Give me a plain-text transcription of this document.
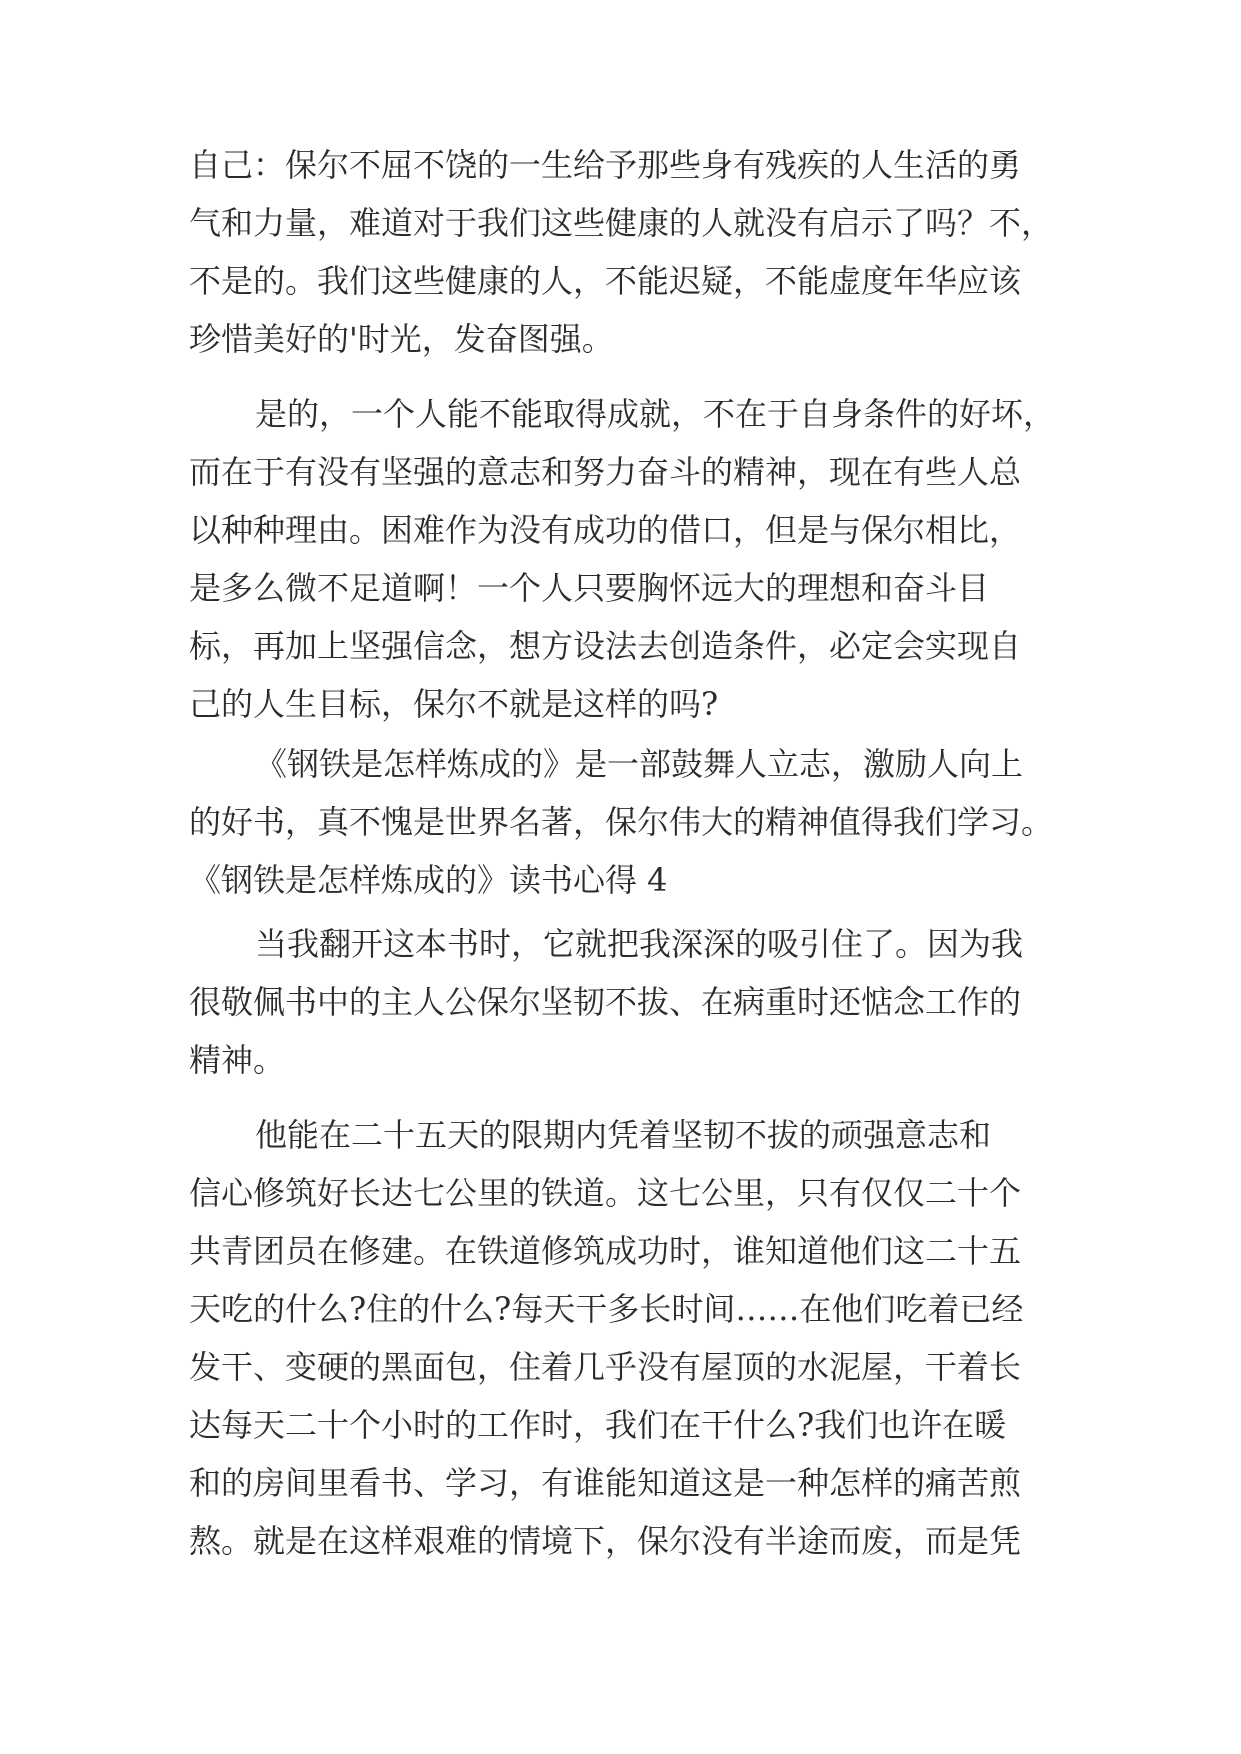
自己：保尔不屈不饶的一生给予那些身有残疾的人生活的勇

气和力量，难道对于我们这些健康的人就没有启示了吗？不，

不是的。我们这些健康的人，不能迟疑，不能虚度年华应该

珍惜美好的'时光，发奋图强。

是的，一个人能不能取得成就，不在于自身条件的好坏，

而在于有没有坚强的意志和努力奋斗的精神，现在有些人总

以种种理由。困难作为没有成功的借口，但是与保尔相比，

是多么微不足道啊！一个人只要胸怀远大的理想和奋斗目

标，再加上坚强信念，想方设法去创造条件，必定会实现自

己的人生目标，保尔不就是这样的吗?

《钢铁是怎样炼成的》是一部鼓舞人立志，激励人向上

的好书，真不愧是世界名著，保尔伟大的精神值得我们学习。

《钢铁是怎样炼成的》读书心得 4

当我翻开这本书时，它就把我深深的吸引住了。因为我

很敬佩书中的主人公保尔坚韧不拔、在病重时还惦念工作的

精神。

他能在二十五天的限期内凭着坚韧不拔的顽强意志和

信心修筑好长达七公里的铁道。这七公里，只有仅仅二十个

共青团员在修建。在铁道修筑成功时，谁知道他们这二十五

天吃的什么?住的什么?每天干多长时间……在他们吃着已经

发干、变硬的黑面包，住着几乎没有屋顶的水泥屋，干着长

达每天二十个小时的工作时，我们在干什么?我们也许在暖

和的房间里看书、学习，有谁能知道这是一种怎样的痛苦煎

熬。就是在这样艰难的情境下，保尔没有半途而废，而是凭
